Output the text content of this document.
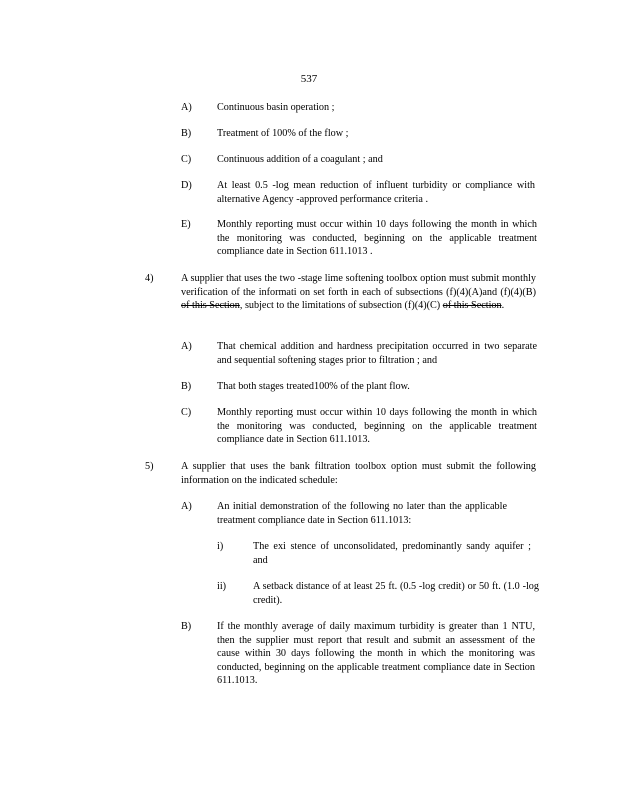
537
A) Continuous basin operation ;
B)	Treatment of 100% of the flow ;
C)	Continuous addition of a coagulant ; and
D) At least 0.5 -log mean reduction of influent turbidity or compliance with alternative Agency -approved performance criteria .
E)	Monthly reporting must occur within 10 days following the month in which the monitoring was conducted, beginning on the applicable treatment compliance date in Section 611.1013 .
4)	A supplier that uses the two -stage lime softening toolbox option must submit monthly verification of the informati on set forth in each of subsections (f)(4)(A)and (f)(4)(B) of this Section, subject to the limitations of subsection (f)(4)(C) of this Section.
A) That chemical addition and hardness precipitation occurred in two separate and sequential softening stages prior to filtration ; and
B)	That both stages treated100% of the plant flow.
C)	Monthly reporting must occur within 10 days following the month in which the monitoring was conducted, beginning on the applicable treatment compliance date in Section 611.1013.
5)	A supplier that uses the bank filtration toolbox option must submit the following information on the indicated schedule:
A) An initial demonstration of the following no later than the applicable treatment compliance date in Section 611.1013:
i)	The exi stence of unconsolidated, predominantly sandy aquifer ; and
ii)	A setback distance of at least 25 ft. (0.5 -log credit) or 50 ft. (1.0 -log credit).
B)	If the monthly average of daily maximum turbidity is greater than 1 NTU, then the supplier must report that result and submit an assessment of the cause within 30 days following the month in which the monitoring was conducted, beginning on the applicable treatment compliance date in Section 611.1013.
